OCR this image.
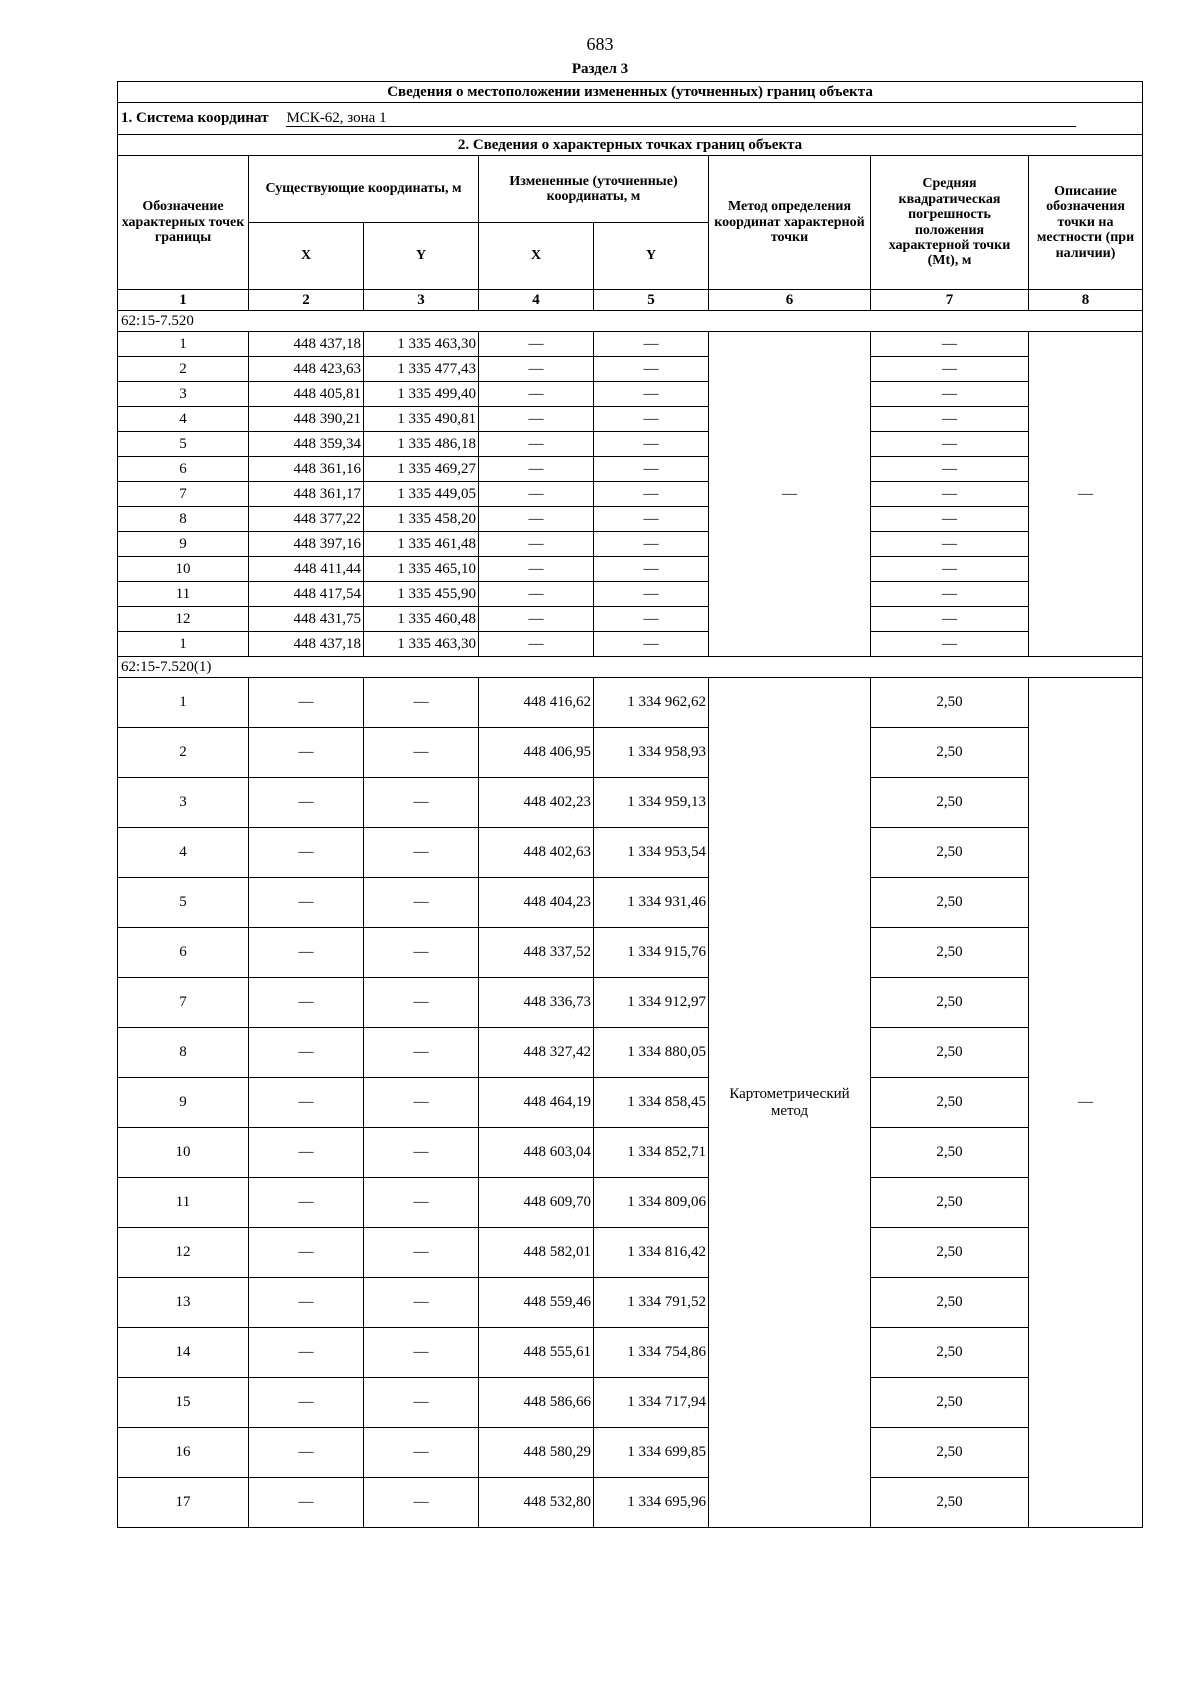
683
Раздел 3
Сведения о местоположении измененных (уточненных) границ объекта							
1. Система координат МСК-62, зона 1							
2. Сведения о характерных точках границ объекта							
Обозначение характерных точек границы	Существующие координаты, м		Измененные (уточненные) координаты, м		Метод определения координат характерной точки	Средняя квадратическая погрешность положения характерной точки (Mt), м	Описание обозначения точки на местности (при наличии)
	X	Y	X	Y			
1	2	3	4	5	6	7	8
62:15-7.520							
1	448 437,18	1 335 463,30	—	—	—	—	—
2	448 423,63	1 335 477,43	—	—		—	
3	448 405,81	1 335 499,40	—	—		—	
4	448 390,21	1 335 490,81	—	—		—	
5	448 359,34	1 335 486,18	—	—		—	
6	448 361,16	1 335 469,27	—	—		—	
7	448 361,17	1 335 449,05	—	—		—	
8	448 377,22	1 335 458,20	—	—		—	
9	448 397,16	1 335 461,48	—	—		—	
10	448 411,44	1 335 465,10	—	—		—	
11	448 417,54	1 335 455,90	—	—		—	
12	448 431,75	1 335 460,48	—	—		—	
1	448 437,18	1 335 463,30	—	—		—	
62:15-7.520(1)							
1	—	—	448 416,62	1 334 962,62	Картометрический метод	2,50	—
2	—	—	448 406,95	1 334 958,93		2,50	
3	—	—	448 402,23	1 334 959,13		2,50	
4	—	—	448 402,63	1 334 953,54		2,50	
5	—	—	448 404,23	1 334 931,46		2,50	
6	—	—	448 337,52	1 334 915,76		2,50	
7	—	—	448 336,73	1 334 912,97		2,50	
8	—	—	448 327,42	1 334 880,05		2,50	
9	—	—	448 464,19	1 334 858,45		2,50	
10	—	—	448 603,04	1 334 852,71		2,50	
11	—	—	448 609,70	1 334 809,06		2,50	
12	—	—	448 582,01	1 334 816,42		2,50	
13	—	—	448 559,46	1 334 791,52		2,50	
14	—	—	448 555,61	1 334 754,86		2,50	
15	—	—	448 586,66	1 334 717,94		2,50	
16	—	—	448 580,29	1 334 699,85		2,50	
17	—	—	448 532,80	1 334 695,96		2,50	
